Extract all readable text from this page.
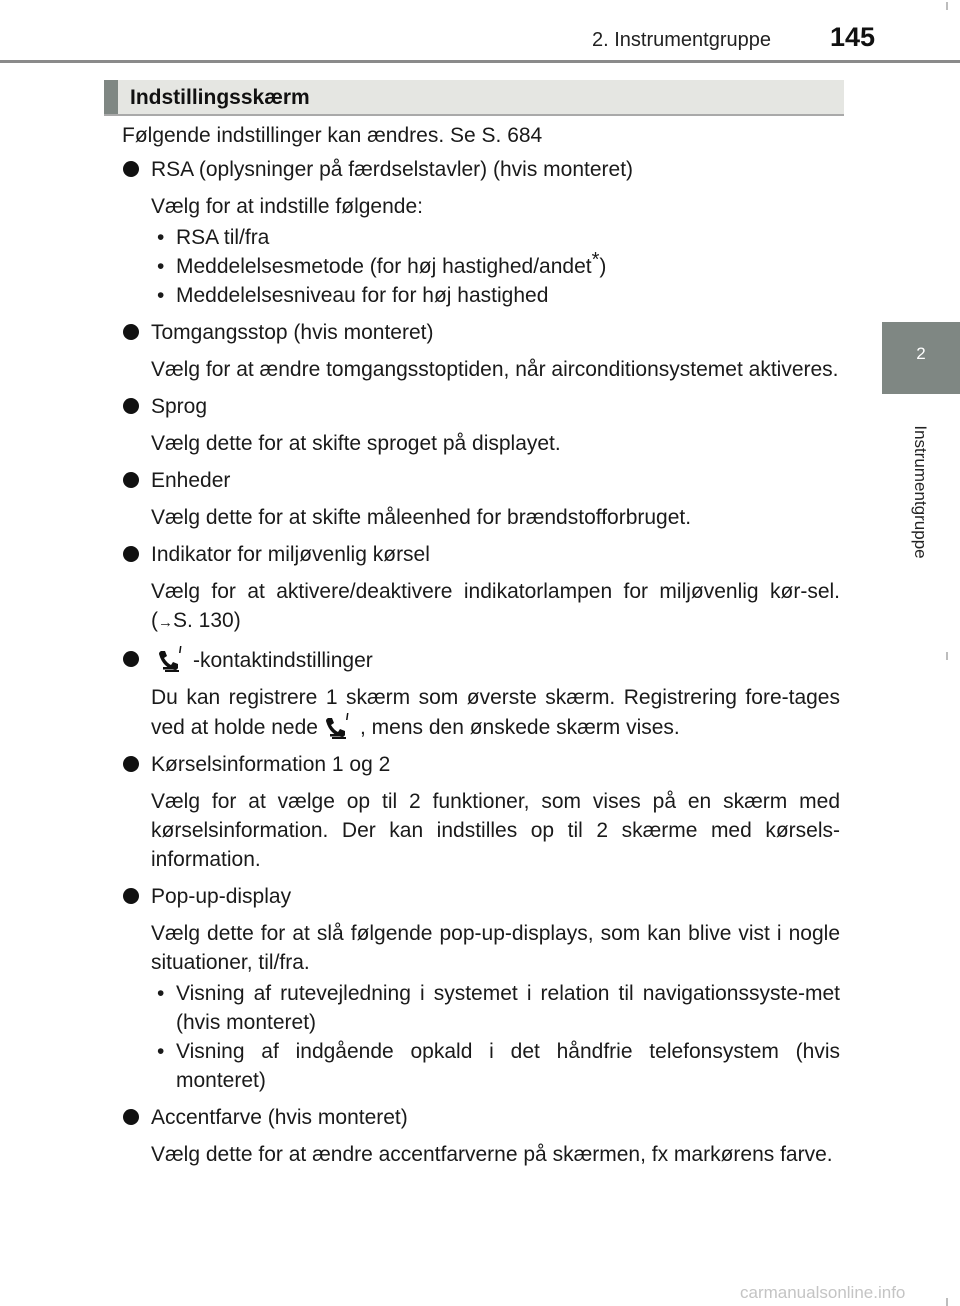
2. Instrumentgruppe 145
2
Instrumentgruppe
Indstillingsskærm

Følgende indstillinger kan ændres. Se S. 684

RSA (oplysninger på færdselstavler) (hvis monteret)

Vælg for at indstille følgende:

• RSA til/fra
• Meddelelsesmetode (for høj hastighed/andet*)
• Meddelelsesniveau for for høj hastighed

Tomgangsstop (hvis monteret)

Vælg for at ændre tomgangsstoptiden, når airconditionsystemet aktiveres.

Sprog

Vælg dette for at skifte sproget på displayet.

Enheder

Vælg dette for at skifte måleenhed for brændstofforbruget.

Indikator for miljøvenlig kørsel

Vælg for at aktivere/deaktivere indikatorlampen for miljøvenlig kør-sel. (→S. 130)

-kontaktindstillinger

Du kan registrere 1 skærm som øverste skærm. Registrering fore-tages ved at holde nede , mens den ønskede skærm vises.

Kørselsinformation 1 og 2

Vælg for at vælge op til 2 funktioner, som vises på en skærm med kørselsinformation. Der kan indstilles op til 2 skærme med kørsels-information.

Pop-up-display

Vælg dette for at slå følgende pop-up-displays, som kan blive vist i nogle situationer, til/fra.

• Visning af rutevejledning i systemet i relation til navigationssyste-met (hvis monteret)
• Visning af indgående opkald i det håndfrie telefonsystem (hvis monteret)

Accentfarve (hvis monteret)

Vælg dette for at ændre accentfarverne på skærmen, fx markørens farve.

carmanualsonline.info
